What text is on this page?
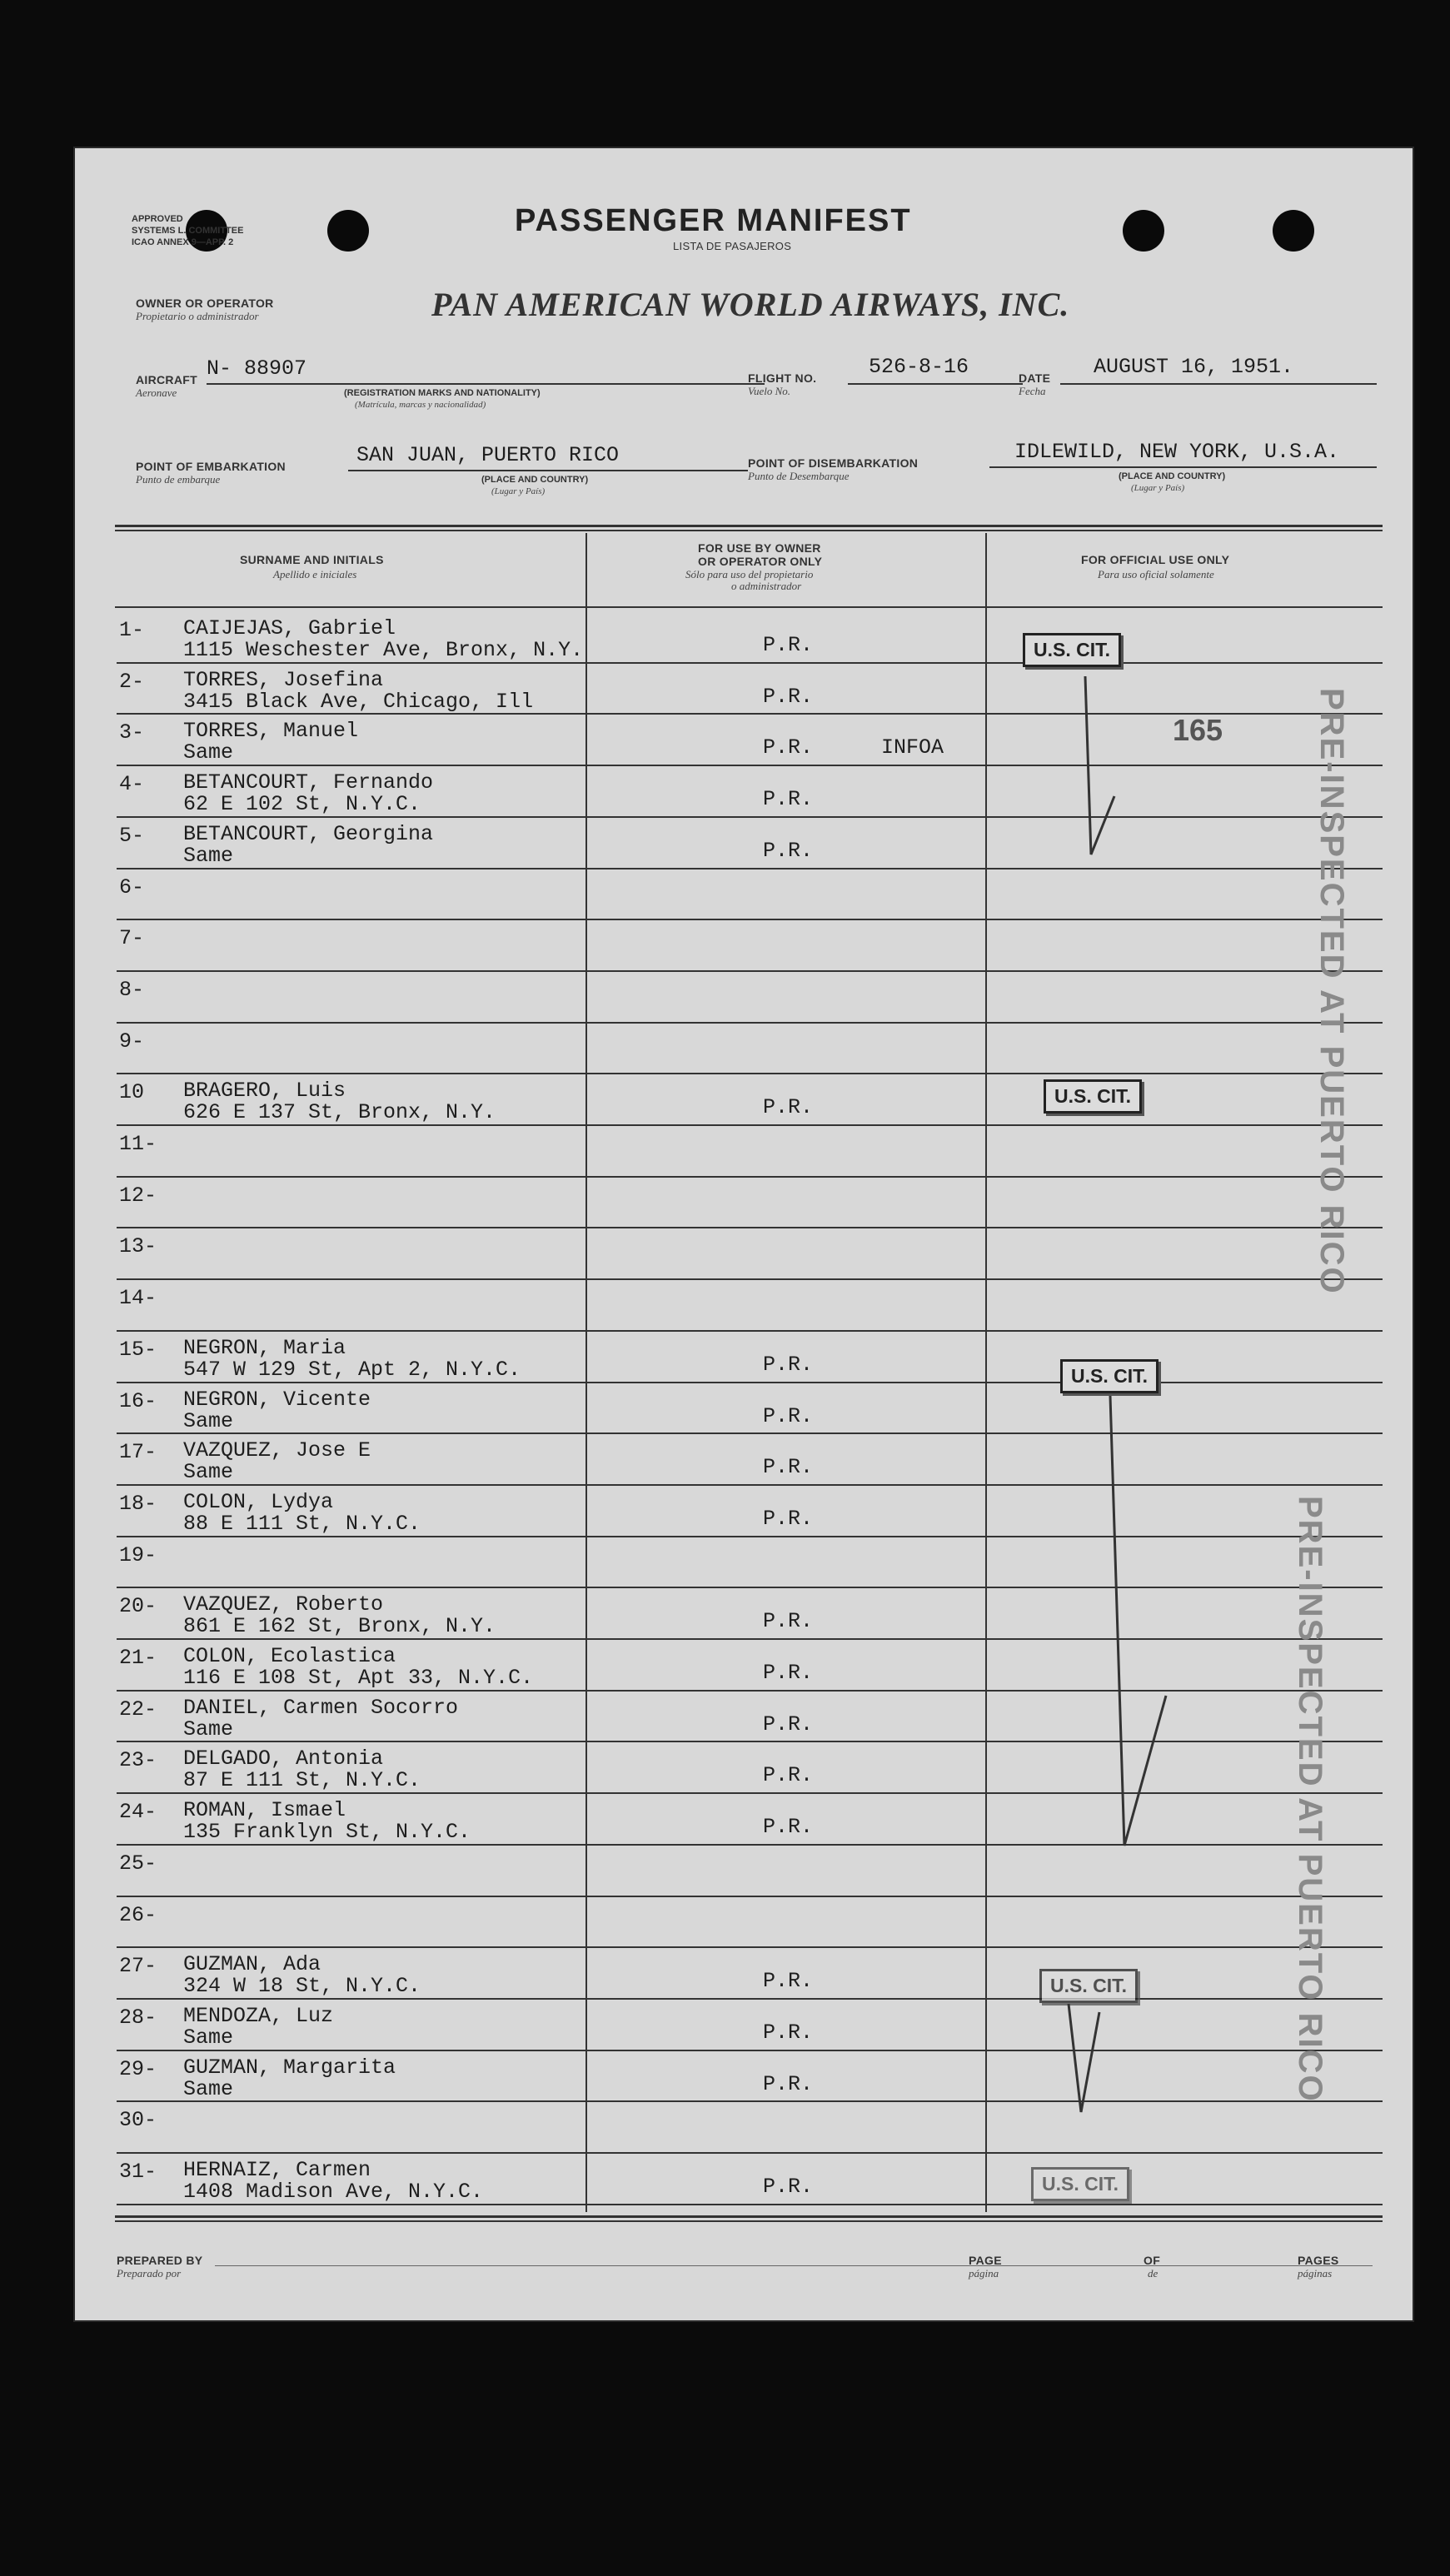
APPROVED
SYSTEMS L. COMMITTEE
ICAO ANNEX 9—APP. 2
PASSENGER MANIFEST
LISTA DE PASAJEROS
OWNER OR OPERATOR
Propietario o administrador	PAN AMERICAN WORLD AIRWAYS, INC.
AIRCRAFT
Aeronave
N- 88907
(REGISTRATION MARKS AND NATIONALITY)
(Matrícula, marcas y nacionalidad)
FLIGHT NO.
Vuelo No.
526-8-16	DATE
Fecha
AUGUST 16, 1951.
POINT OF EMBARKATION
Punto de embarque
SAN JUAN, PUERTO RICO
(PLACE AND COUNTRY)
(Lugar y País)
POINT OF DISEMBARKATION
Punto de Desembarque
IDLEWILD, NEW YORK, U.S.A.
(PLACE AND COUNTRY)
(Lugar y País)
SURNAME AND INITIALS
Apellido e iniciales
FOR USE BY OWNER
OR OPERATOR ONLY
Sólo para uso del propietario
o administrador
FOR OFFICIAL USE ONLY
Para uso oficial solamente
1- CAIJEJAS, Gabriel
1115 Weschester Ave, Bronx, N.Y.	P.R.
2- TORRES, Josefina
3415 Black Ave, Chicago, Ill	P.R.
3- TORRES, Manuel
Same	P.R.	INFOA
4- BETANCOURT, Fernando
62 E 102 St, N.Y.C.	P.R.
5- BETANCOURT, Georgina
Same	P.R.
6-
7-
8-
9-
10 BRAGERO, Luis
626 E 137 St, Bronx, N.Y.	P.R.
11-
12-
13-
14-
15- NEGRON, Maria
547 W 129 St, Apt 2, N.Y.C.	P.R.
16- NEGRON, Vicente
Same	P.R.
17- VAZQUEZ, Jose E
Same	P.R.
18- COLON, Lydya
88 E 111 St, N.Y.C.	P.R.
19-
20- VAZQUEZ, Roberto
861 E 162 St, Bronx, N.Y.	P.R.
21- COLON, Ecolastica
116 E 108 St, Apt 33, N.Y.C.	P.R.
22- DANIEL, Carmen Socorro
Same	P.R.
23- DELGADO, Antonia
87 E 111 St, N.Y.C.	P.R.
24- ROMAN, Ismael
135 Franklyn St, N.Y.C.	P.R.
25-
26-
27- GUZMAN, Ada
324 W 18 St, N.Y.C.	P.R.
28- MENDOZA, Luz
Same	P.R.
29- GUZMAN, Margarita
Same	P.R.
30-
31- HERNAIZ, Carmen
1408 Madison Ave, N.Y.C.	P.R.
U.S. CIT.
165
U.S. CIT.
U.S. CIT.
U.S. CIT.
U.S. CIT.
PRE-INSPECTED AT PUERTO RICO
PRE-INSPECTED AT PUERTO RICO
PREPARED BY
Preparado por
PAGE
página
OF
de
PAGES
páginas
